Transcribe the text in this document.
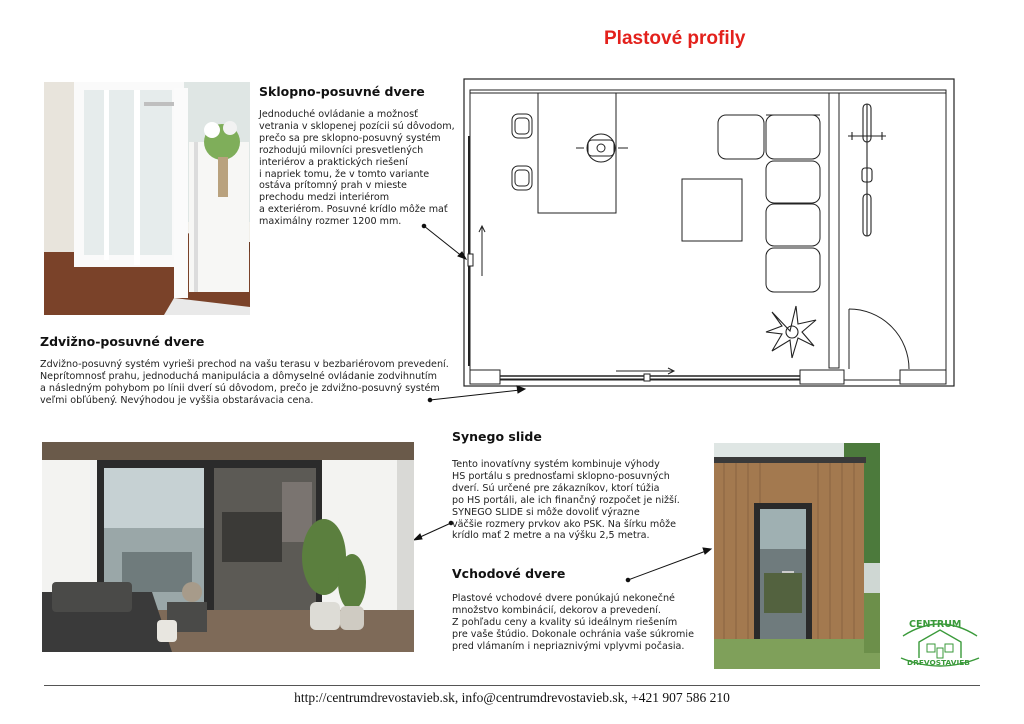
Plastové profily
Sklopno-posuvné dvere
Jednoduché ovládanie a možnosť
vetrania v sklopenej pozícii sú dôvodom,
prečo sa pre sklopno-posuvný systém
rozhodujú milovníci presvetlených
interiérov a praktických riešení
i napriek tomu, že v tomto variante
ostáva prítomný prah v mieste
prechodu medzi interiérom
a exteriérom. Posuvné krídlo môže mať
maximálny rozmer 1200 mm.
Zdvižno-posuvné dvere
Zdvižno-posuvný systém vyrieši prechod na vašu terasu v bezbariérovom prevedení.
Neprítomnosť prahu, jednoduchá manipulácia a dômyselné ovládanie zodvihnutím
a následným pohybom po línii dverí sú dôvodom, prečo je zdvižno-posuvný systém
veľmi obľúbený. Nevýhodou je vyššia obstarávacia cena.
Synego slide
Tento inovatívny systém kombinuje výhody
HS portálu s prednosťami sklopno-posuvných
dverí. Sú určené pre zákazníkov, ktorí túžia
po HS portáli, ale ich finančný rozpočet je nižší.
SYNEGO SLIDE si môže dovoliť výrazne
väčšie rozmery prvkov ako PSK. Na šírku môže
krídlo mať 2 metre a na výšku 2,5 metra.
Vchodové dvere
Plastové vchodové dvere ponúkajú nekonečné
množstvo kombinácií, dekorov a prevedení.
Z pohľadu ceny a kvality sú ideálnym riešením
pre vaše štúdio. Dokonale ochránia vaše súkromie
pred vlámaním i nepriaznivými vplyvmi počasia.
CENTRUM
DREVOSTAVIEB
http://centrumdrevostavieb.sk, info@centrumdrevostavieb.sk, +421 907 586 210
